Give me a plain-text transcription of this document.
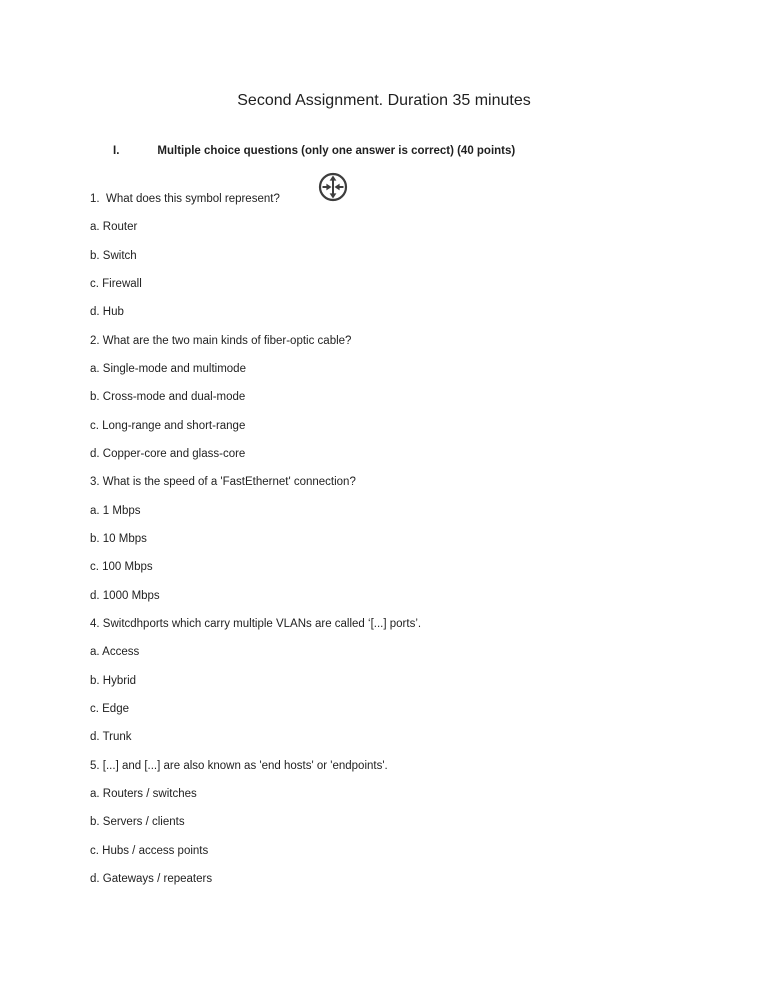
Second Assignment. Duration 35 minutes
I.	Multiple choice questions (only one answer is correct) (40 points)
1.  What does this symbol represent?
a. Router
b. Switch
c. Firewall
d. Hub
2. What are the two main kinds of fiber-optic cable?
a. Single-mode and multimode
b. Cross-mode and dual-mode
c. Long-range and short-range
d. Copper-core and glass-core
3. What is the speed of a 'FastEthernet' connection?
a. 1 Mbps
b. 10 Mbps
c. 100 Mbps
d. 1000 Mbps
4. Switcdhports which carry multiple VLANs are called ‘[...] ports’.
a. Access
b. Hybrid
c. Edge
d. Trunk
5. [...] and [...] are also known as 'end hosts' or 'endpoints'.
a. Routers / switches
b. Servers / clients
c. Hubs / access points
d. Gateways / repeaters
